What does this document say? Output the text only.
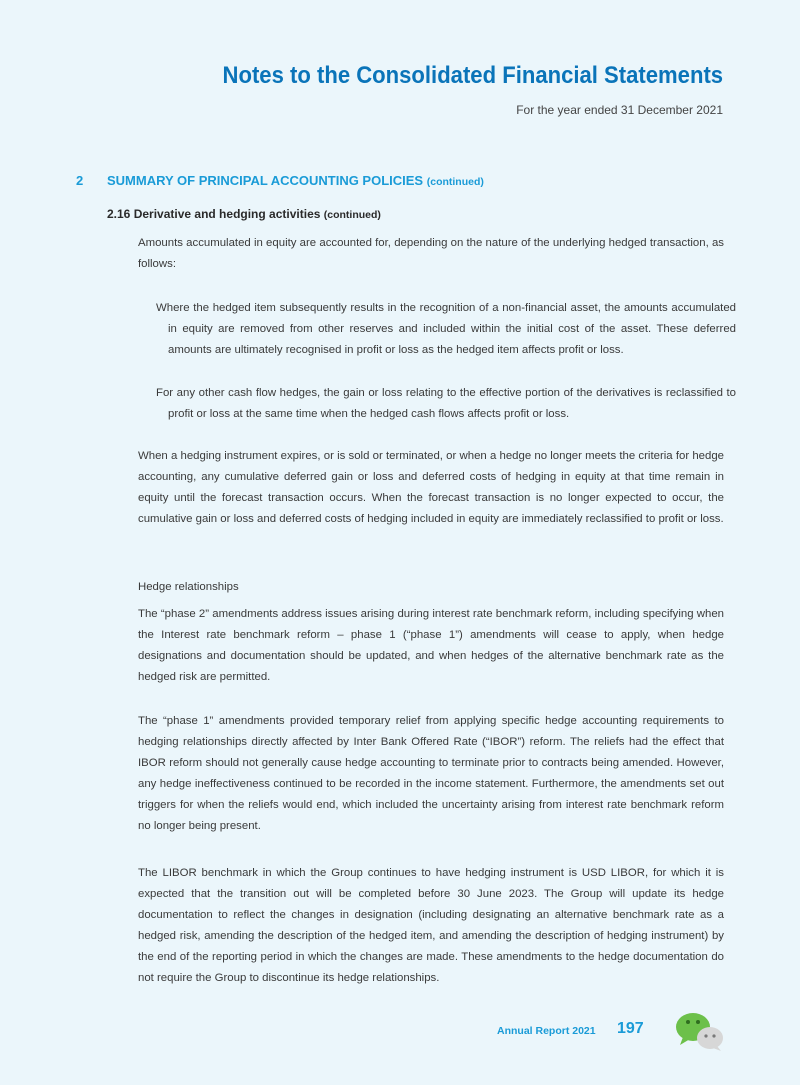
Notes to the Consolidated Financial Statements
For the year ended 31 December 2021
2 SUMMARY OF PRINCIPAL ACCOUNTING POLICIES (continued)
2.16 Derivative and hedging activities (continued)
Amounts accumulated in equity are accounted for, depending on the nature of the underlying hedged transaction, as follows:
Where the hedged item subsequently results in the recognition of a non-financial asset, the amounts accumulated in equity are removed from other reserves and included within the initial cost of the asset. These deferred amounts are ultimately recognised in profit or loss as the hedged item affects profit or loss.
For any other cash flow hedges, the gain or loss relating to the effective portion of the derivatives is reclassified to profit or loss at the same time when the hedged cash flows affects profit or loss.
When a hedging instrument expires, or is sold or terminated, or when a hedge no longer meets the criteria for hedge accounting, any cumulative deferred gain or loss and deferred costs of hedging in equity at that time remain in equity until the forecast transaction occurs. When the forecast transaction is no longer expected to occur, the cumulative gain or loss and deferred costs of hedging included in equity are immediately reclassified to profit or loss.
Hedge relationships
The “phase 2” amendments address issues arising during interest rate benchmark reform, including specifying when the Interest rate benchmark reform – phase 1 (“phase 1”) amendments will cease to apply, when hedge designations and documentation should be updated, and when hedges of the alternative benchmark rate as the hedged risk are permitted.
The “phase 1” amendments provided temporary relief from applying specific hedge accounting requirements to hedging relationships directly affected by Inter Bank Offered Rate (“IBOR”) reform. The reliefs had the effect that IBOR reform should not generally cause hedge accounting to terminate prior to contracts being amended. However, any hedge ineffectiveness continued to be recorded in the income statement. Furthermore, the amendments set out triggers for when the reliefs would end, which included the uncertainty arising from interest rate benchmark reform no longer being present.
The LIBOR benchmark in which the Group continues to have hedging instrument is USD LIBOR, for which it is expected that the transition out will be completed before 30 June 2023. The Group will update its hedge documentation to reflect the changes in designation (including designating an alternative benchmark rate as a hedged risk, amending the description of the hedged item, and amending the description of hedging instrument) by the end of the reporting period in which the changes are made. These amendments to the hedge documentation do not require the Group to discontinue its hedge relationships.
Annual Report 2021 197
